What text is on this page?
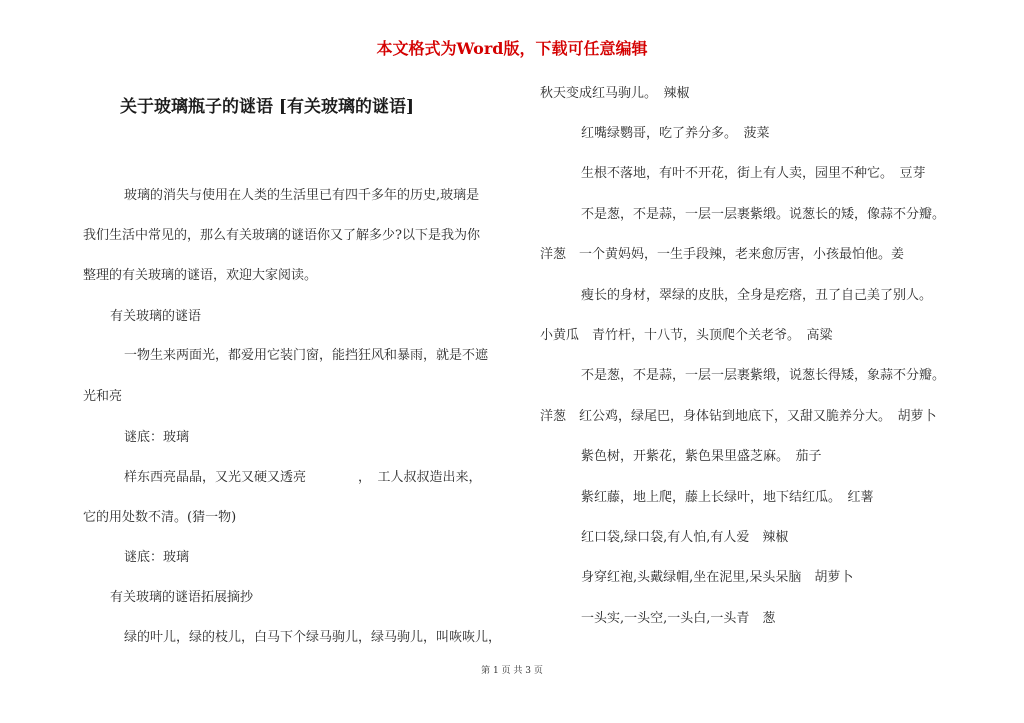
本文格式为Word版，下载可任意编辑
关于玻璃瓶子的谜语 [有关玻璃的谜语]
玻璃的消失与使用在人类的生活里已有四千多年的历史,玻璃是
我们生活中常见的，那么有关玻璃的谜语你又了解多少?以下是我为你
整理的有关玻璃的谜语，欢迎大家阅读。
有关玻璃的谜语
一物生来两面光，都爱用它装门窗，能挡狂风和暴雨，就是不遮
光和亮
谜底：玻璃
样东西亮晶晶，又光又硬又透亮　　　　，　工人叔叔造出来，
它的用处数不清。(猜一物)
谜底：玻璃
有关玻璃的谜语拓展摘抄
绿的叶儿，绿的枝儿，白马下个绿马驹儿，绿马驹儿，叫咴咴儿，
秋天变成红马驹儿。　辣椒
红嘴绿鹦哥，吃了养分多。　菠菜
生根不落地，有叶不开花，街上有人卖，园里不种它。　豆芽
不是葱，不是蒜，一层一层裹紫缎。说葱长的矮，像蒜不分瓣。
洋葱　一个黄妈妈，一生手段辣，老来愈厉害，小孩最怕他。姜
瘦长的身材，翠绿的皮肤，全身是疙瘩，丑了自己美了别人。
小黄瓜　青竹杆，十八节，头顶爬个关老爷。　高粱
不是葱，不是蒜，一层一层裹紫缎，说葱长得矮，象蒜不分瓣。
洋葱　红公鸡，绿尾巴，身体钻到地底下，又甜又脆养分大。　胡萝卜
紫色树，开紫花，紫色果里盛芝麻。　茄子
紫红藤，地上爬，藤上长绿叶，地下结红瓜。　红薯
红口袋,绿口袋,有人怕,有人爱　辣椒
身穿红袍,头戴绿帽,坐在泥里,呆头呆脑　胡萝卜
一头实,一头空,一头白,一头青　葱
第 1 页 共 3 页
